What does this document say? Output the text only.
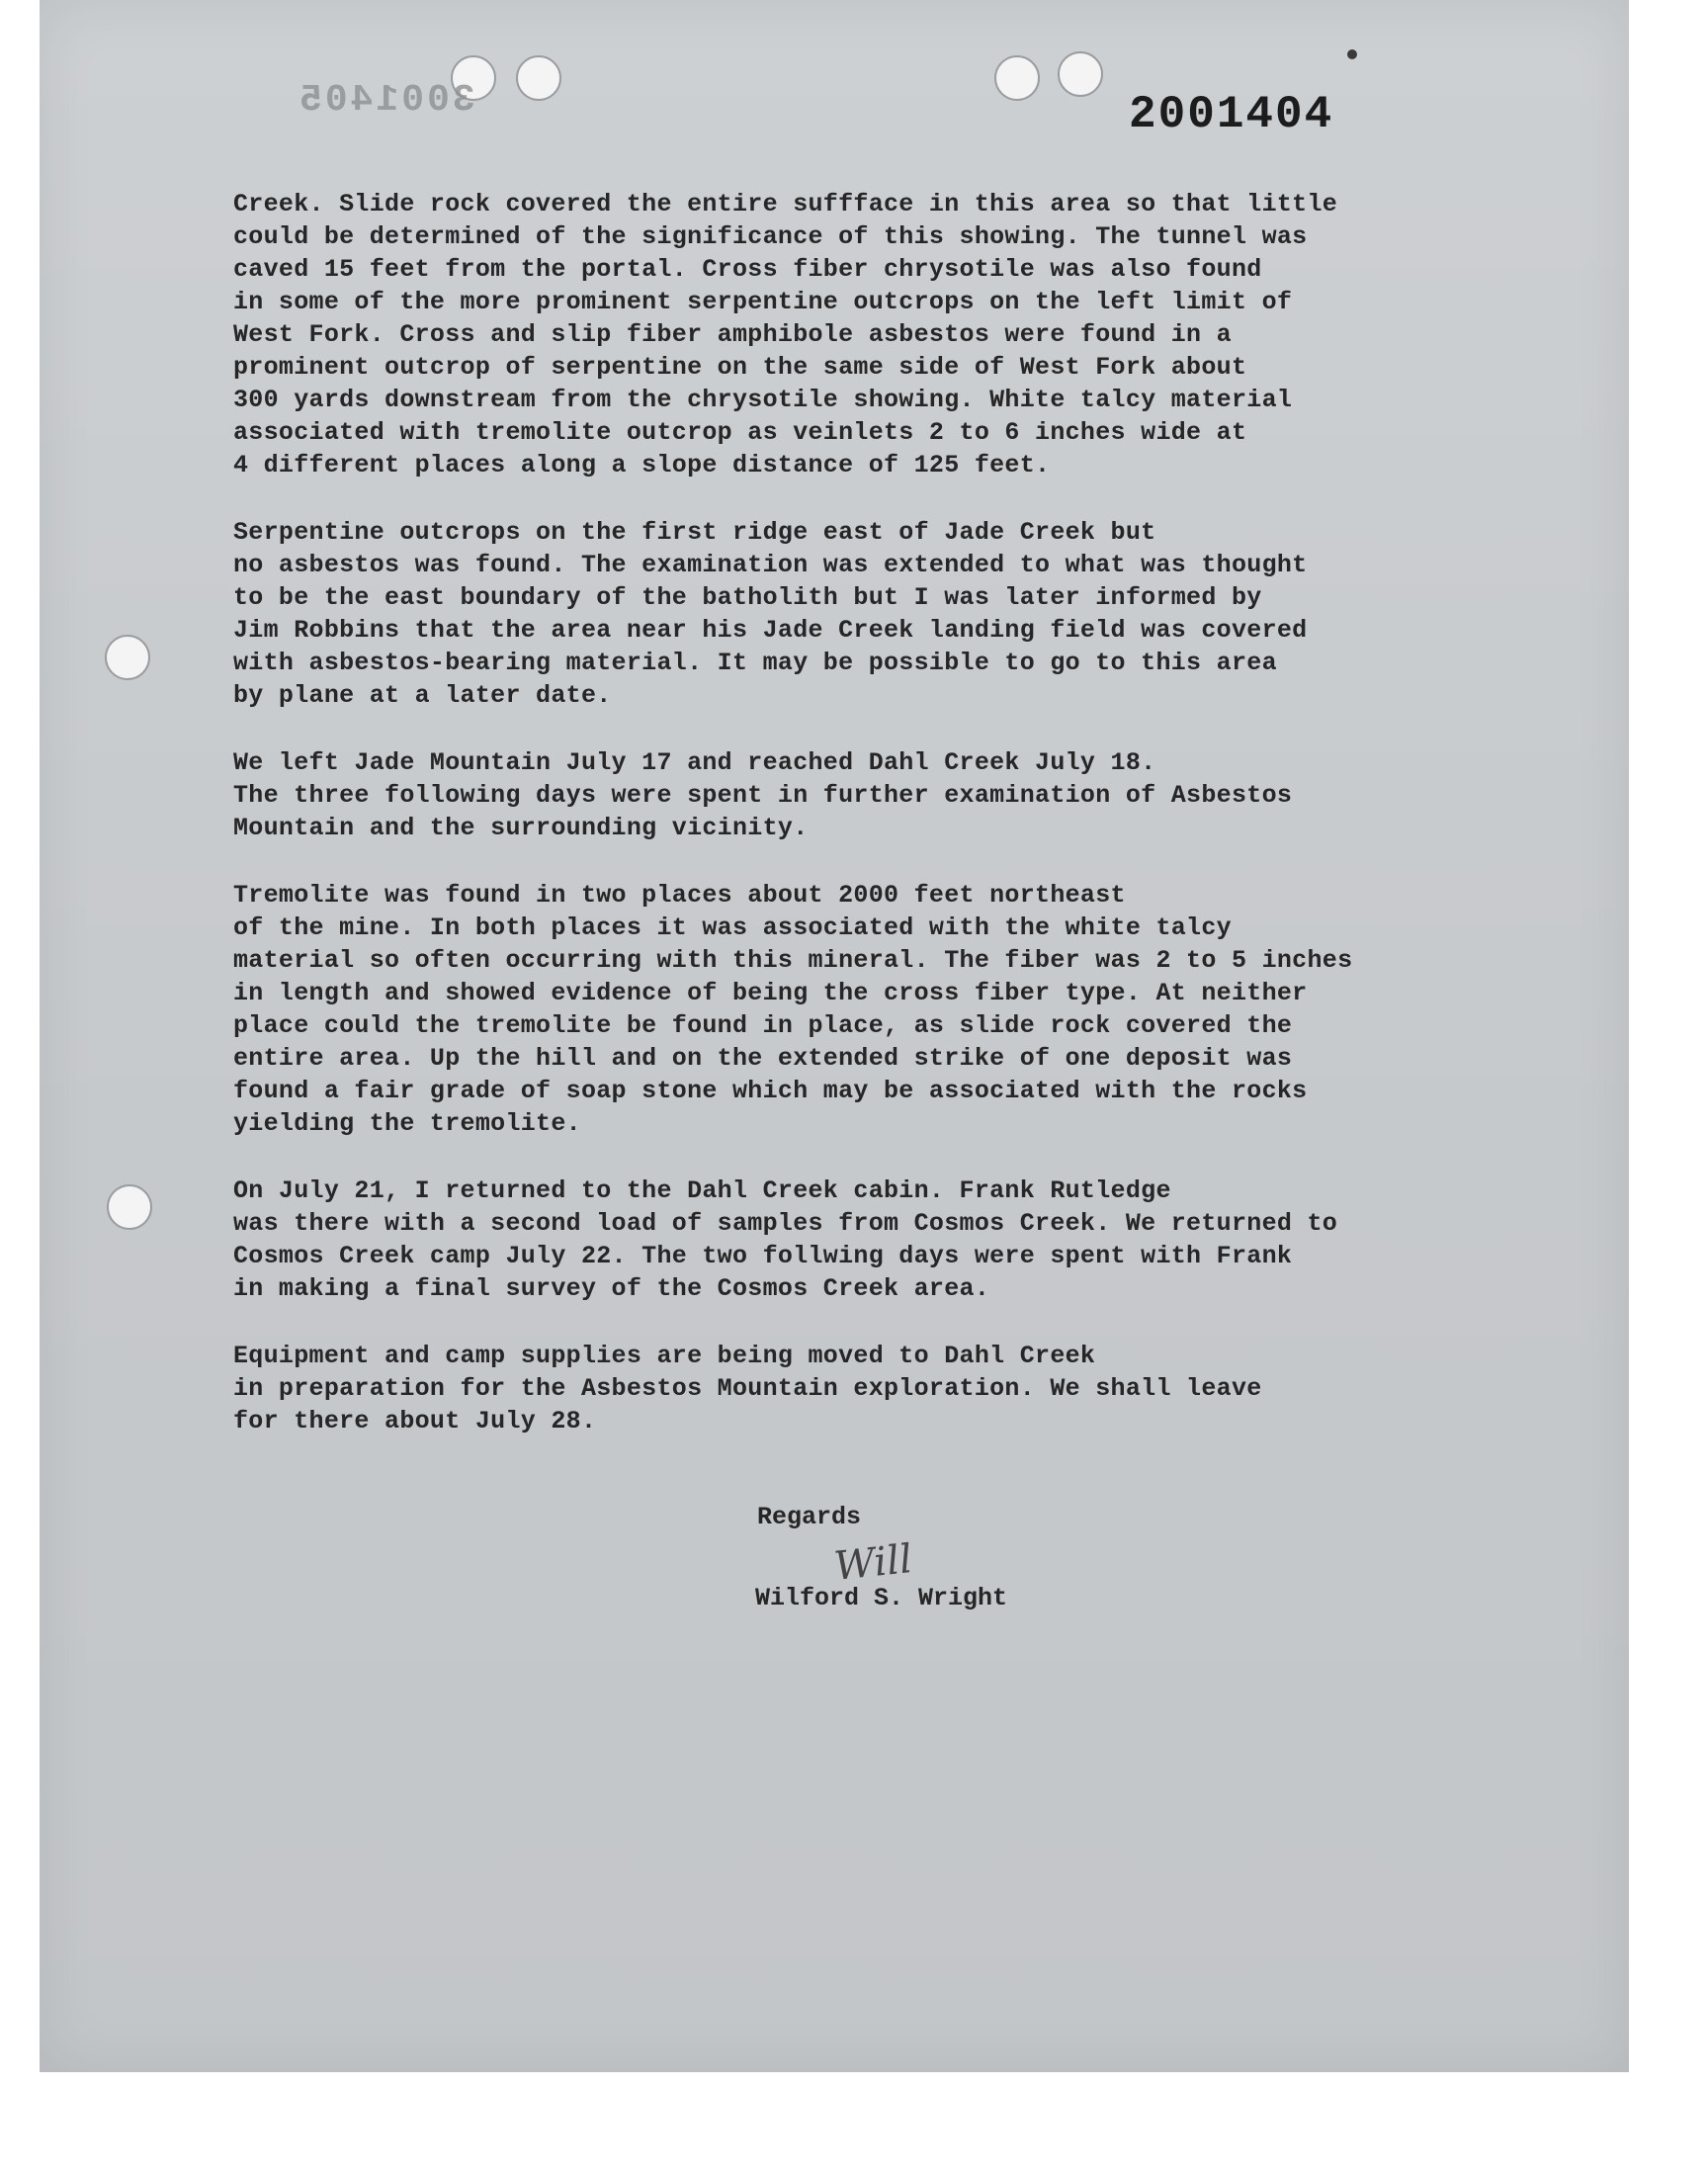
3001405	2001404

Creek. Slide rock covered the entire suffface in this area so that little
could be determined of the significance of this showing. The tunnel was
caved 15 feet from the portal. Cross fiber chrysotile was also found
in some of the more prominent serpentine outcrops on the left limit of
West Fork. Cross and slip fiber amphibole asbestos were found in a
prominent outcrop of serpentine on the same side of West Fork about
300 yards downstream from the chrysotile showing. White talcy material
associated with tremolite outcrop as veinlets 2 to 6 inches wide at
4 different places along a slope distance of 125 feet.

Serpentine outcrops on the first ridge east of Jade Creek but
no asbestos was found. The examination was extended to what was thought
to be the east boundary of the batholith but I was later informed by
Jim Robbins that the area near his Jade Creek landing field was covered
with asbestos-bearing material. It may be possible to go to this area
by plane at a later date.

We left Jade Mountain July 17 and reached Dahl Creek July 18.
The three following days were spent in further examination of Asbestos
Mountain and the surrounding vicinity.

Tremolite was found in two places about 2000 feet northeast
of the mine. In both places it was associated with the white talcy
material so often occurring with this mineral. The fiber was 2 to 5 inches
in length and showed evidence of being the cross fiber type. At neither
place could the tremolite be found in place, as slide rock covered the
entire area. Up the hill and on the extended strike of one deposit was
found a fair grade of soap stone which may be associated with the rocks
yielding the tremolite.

On July 21, I returned to the Dahl Creek cabin. Frank Rutledge
was there with a second load of samples from Cosmos Creek. We returned to
Cosmos Creek camp July 22. The two follwing days were spent with Frank
in making a final survey of the Cosmos Creek area.

Equipment and camp supplies are being moved to Dahl Creek
in preparation for the Asbestos Mountain exploration. We shall leave
for there about July 28.

Regards
Will
Wilford S. Wright
